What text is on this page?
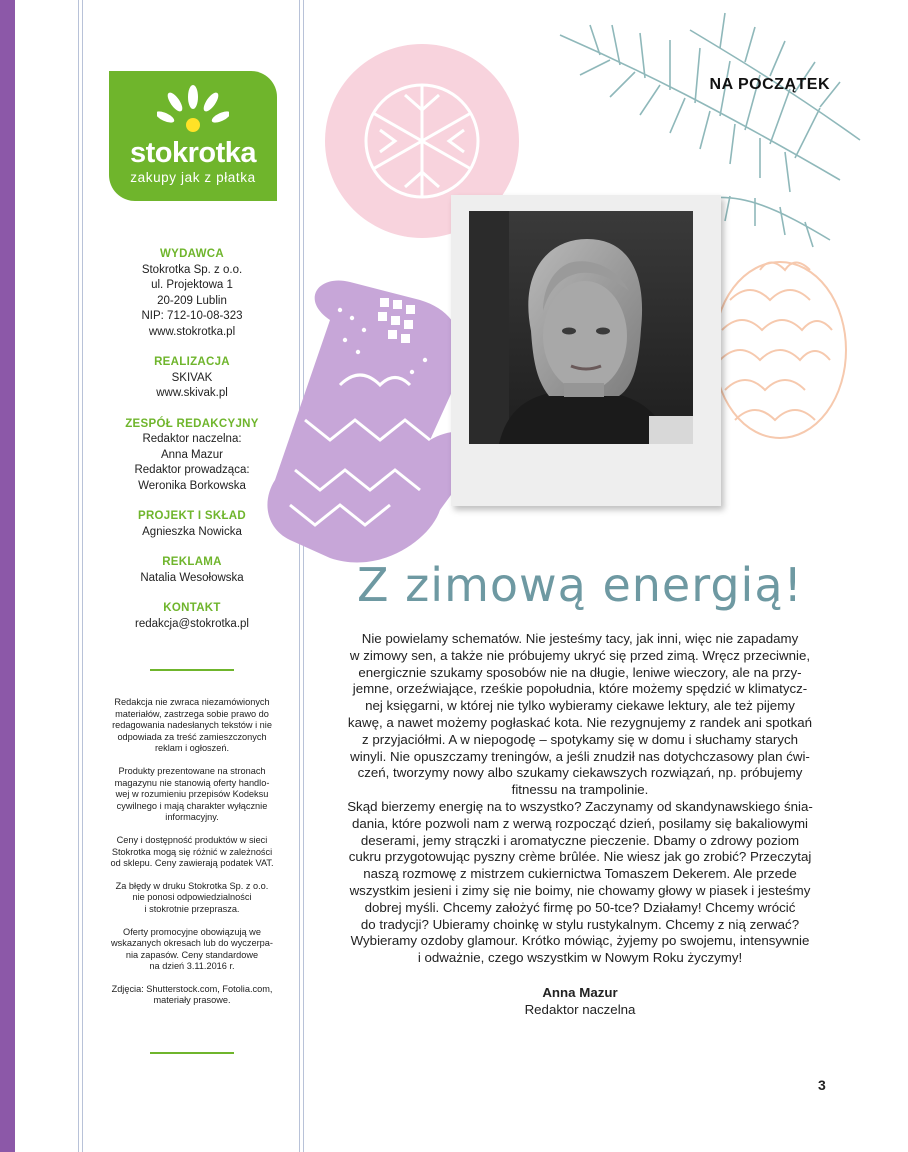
stokrotka
zakupy jak z płatka
WYDAWCA
Stokrotka Sp. z o.o.
ul. Projektowa 1
20-209 Lublin
NIP: 712-10-08-323
www.stokrotka.pl
REALIZACJA
SKIVAK
www.skivak.pl
ZESPÓŁ REDAKCYJNY
Redaktor naczelna:
Anna Mazur
Redaktor prowadząca:
Weronika Borkowska
PROJEKT I SKŁAD
Agnieszka Nowicka
REKLAMA
Natalia Wesołowska
KONTAKT
redakcja@stokrotka.pl

Redakcja nie zwraca niezamówionych
materiałów, zastrzega sobie prawo do
redagowania nadesłanych tekstów i nie
odpowiada za treść zamieszczonych
reklam i ogłoszeń.

Produkty prezentowane na stronach
magazynu nie stanowią oferty handlo-
wej w rozumieniu przepisów Kodeksu
cywilnego i mają charakter wyłącznie
informacyjny.

Ceny i dostępność produktów w sieci
Stokrotka mogą się różnić w zależności
od sklepu. Ceny zawierają podatek VAT.

Za błędy w druku Stokrotka Sp. z o.o.
nie ponosi odpowiedzialności
i stokrotnie przeprasza.

Oferty promocyjne obowiązują we
wskazanych okresach lub do wyczerpa-
nia zapasów. Ceny standardowe
na dzień 3.11.2016 r.

Zdjęcia: Shutterstock.com, Fotolia.com,
materiały prasowe.

NA POCZĄTEK
Z zimową energią!

Nie powielamy schematów. Nie jesteśmy tacy, jak inni, więc nie zapadamy

w zimowy sen, a także nie próbujemy ukryć się przed zimą. Wręcz przeciwnie,

energicznie szukamy sposobów nie na długie, leniwe wieczory, ale na przy-

jemne, orzeźwiające, rześkie popołudnia, które możemy spędzić w klimatycz-

nej księgarni, w której nie tylko wybieramy ciekawe lektury, ale też pijemy

kawę, a nawet możemy pogłaskać kota. Nie rezygnujemy z randek ani spotkań

z przyjaciółmi. A w niepogodę – spotykamy się w domu i słuchamy starych

winyli. Nie opuszczamy treningów, a jeśli znudził nas dotychczasowy plan ćwi-

czeń, tworzymy nowy albo szukamy ciekawszych rozwiązań, np. próbujemy

fitnessu na trampolinie.

Skąd bierzemy energię na to wszystko? Zaczynamy od skandynawskiego śnia-

dania, które pozwoli nam z werwą rozpocząć dzień, posilamy się bakaliowymi

deserami, jemy strączki i aromatyczne pieczenie. Dbamy o zdrowy poziom

cukru przygotowując pyszny crème brûlée. Nie wiesz jak go zrobić? Przeczytaj

naszą rozmowę z mistrzem cukiernictwa Tomaszem Dekerem. Ale przede

wszystkim jesieni i zimy się nie boimy, nie chowamy głowy w piasek i jesteśmy

dobrej myśli. Chcemy założyć firmę po 50-tce? Działamy! Chcemy wrócić

do tradycji? Ubieramy choinkę w stylu rustykalnym. Chcemy z nią zerwać?

Wybieramy ozdoby glamour. Krótko mówiąc, żyjemy po swojemu, intensywnie

i odważnie, czego wszystkim w Nowym Roku życzymy!

Anna Mazur
Redaktor naczelna
3
